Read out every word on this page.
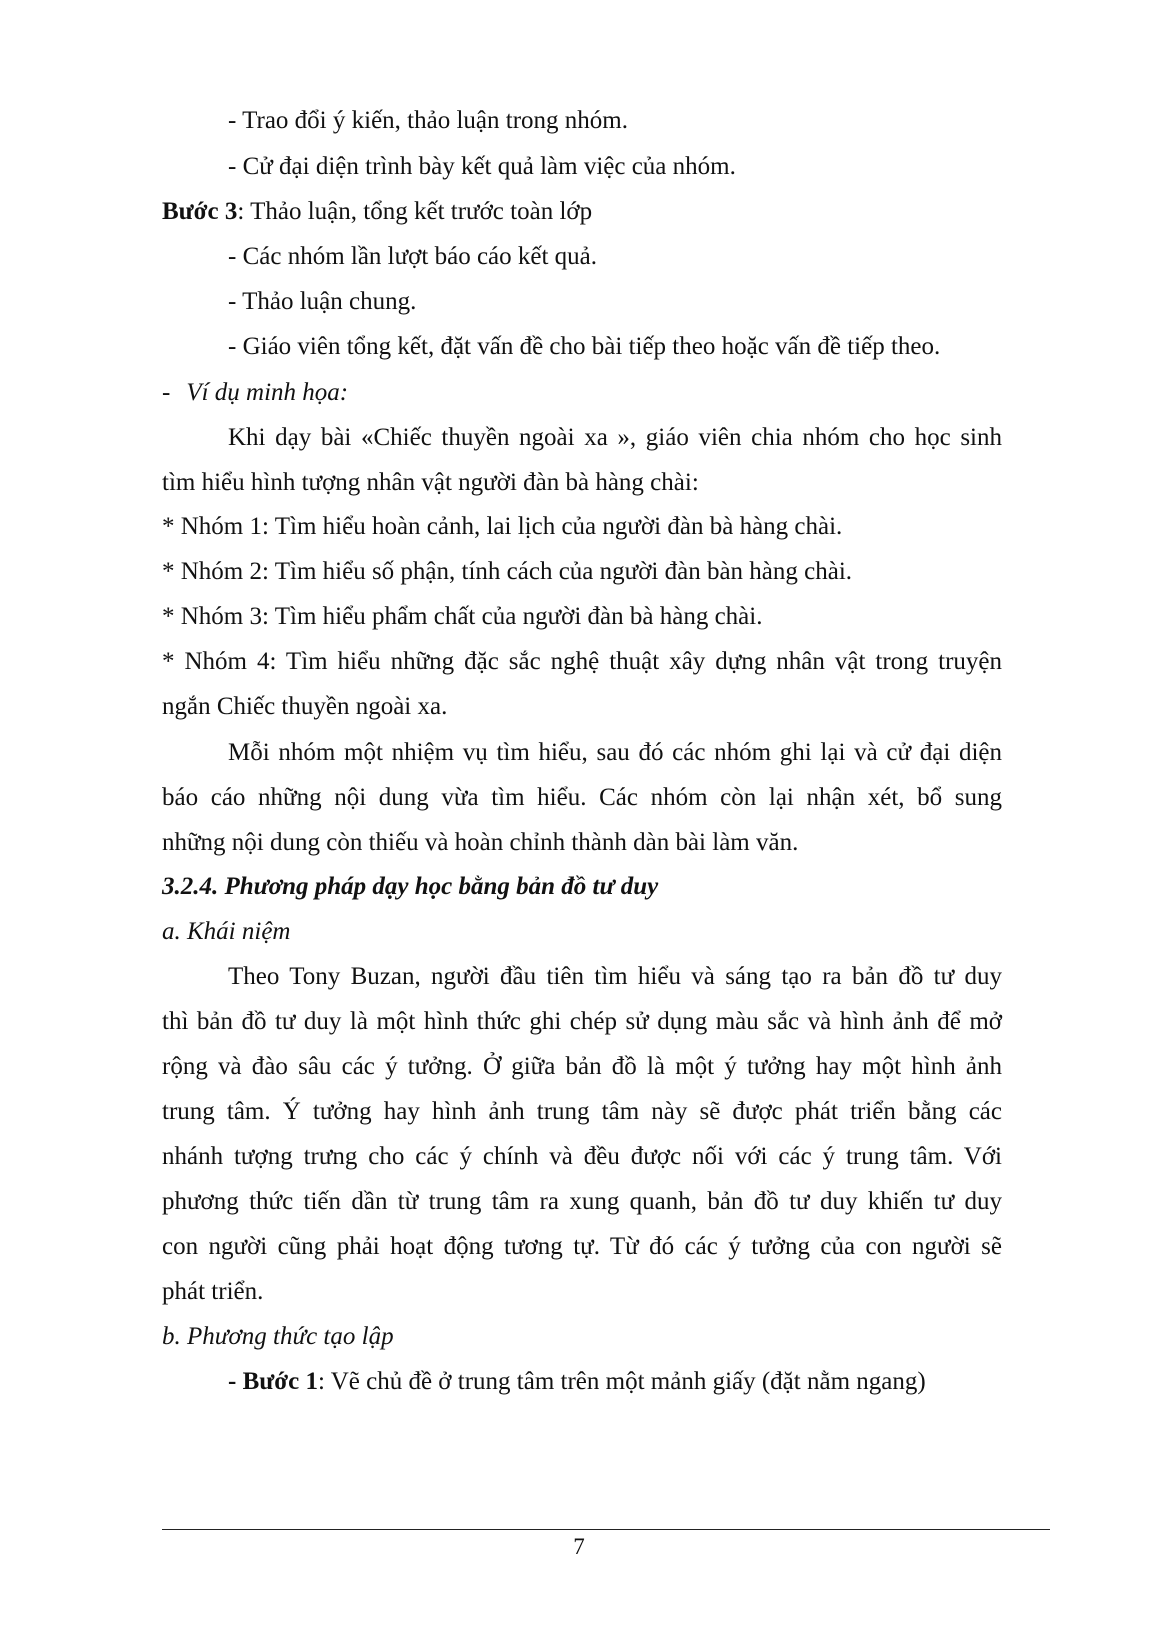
- Trao đổi ý kiến, thảo luận trong nhóm.
- Cử đại diện trình bày kết quả làm việc của nhóm.
Bước 3: Thảo luận, tổng kết trước toàn lớp
- Các nhóm lần lượt báo cáo kết quả.
- Thảo luận chung.
- Giáo viên tổng kết, đặt vấn đề cho bài tiếp theo hoặc vấn đề tiếp theo.
- Ví dụ minh họa:
Khi dạy bài «Chiếc thuyền ngoài xa », giáo viên chia nhóm cho học sinh
tìm hiểu hình tượng nhân vật người đàn bà hàng chài:
* Nhóm 1: Tìm hiểu hoàn cảnh, lai lịch của người đàn bà hàng chài.
* Nhóm 2: Tìm hiểu số phận, tính cách của người đàn bàn hàng chài.
* Nhóm 3: Tìm hiểu phẩm chất của người đàn bà hàng chài.
* Nhóm 4: Tìm hiểu những đặc sắc nghệ thuật xây dựng nhân vật trong truyện
ngắn Chiếc thuyền ngoài xa.
Mỗi nhóm một nhiệm vụ tìm hiểu, sau đó các nhóm ghi lại và cử đại diện
báo cáo những nội dung vừa tìm hiểu. Các nhóm còn lại nhận xét, bổ sung
những nội dung còn thiếu và hoàn chỉnh thành dàn bài làm văn.
3.2.4. Phương pháp dạy học bằng bản đồ tư duy
a. Khái niệm
Theo Tony Buzan, người đầu tiên tìm hiểu và sáng tạo ra bản đồ tư duy
thì bản đồ tư duy là một hình thức ghi chép sử dụng màu sắc và hình ảnh để mở
rộng và đào sâu các ý tưởng. Ở giữa bản đồ là một ý tưởng hay một hình ảnh
trung tâm. Ý tưởng hay hình ảnh trung tâm này sẽ được phát triển bằng các
nhánh tượng trưng cho các ý chính và đều được nối với các ý trung tâm. Với
phương thức tiến dần từ trung tâm ra xung quanh, bản đồ tư duy khiến tư duy
con người cũng phải hoạt động tương tự. Từ đó các ý tưởng của con người sẽ
phát triển.
b. Phương thức tạo lập
- Bước 1: Vẽ chủ đề ở trung tâm trên một mảnh giấy (đặt nằm ngang)
7
